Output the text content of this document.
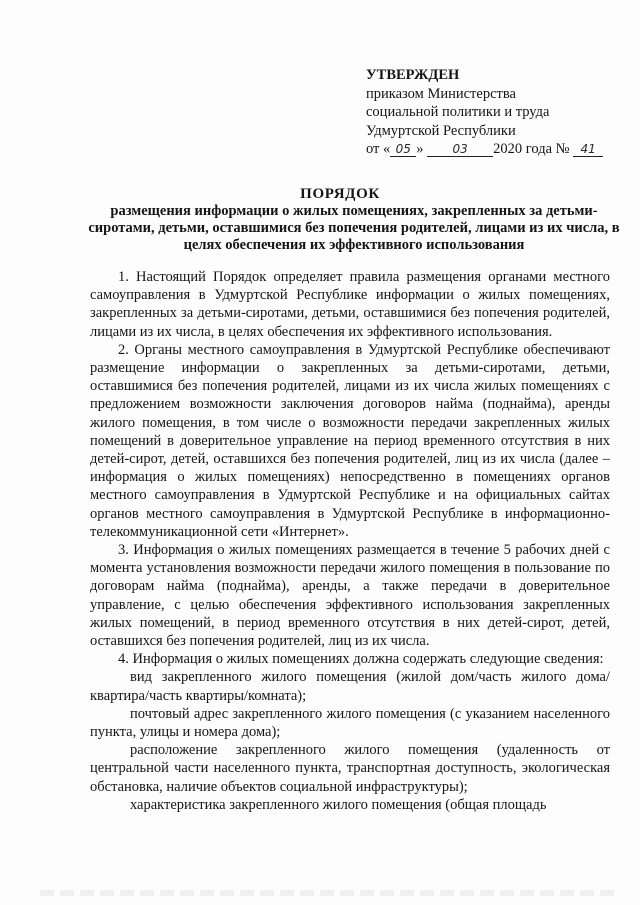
УТВЕРЖДЕН
приказом Министерства
социальной политики и труда
Удмуртской Республики
от « 05 » 03 2020 года № 41
ПОРЯДОК
размещения информации о жилых помещениях, закрепленных за детьми-сиротами, детьми, оставшимися без попечения родителей, лицами из их числа, в целях обеспечения их эффективного использования

1. Настоящий Порядок определяет правила размещения органами местного самоуправления в Удмуртской Республике информации о жилых помещениях, закрепленных за детьми-сиротами, детьми, оставшимися без попечения родителей, лицами из их числа, в целях обеспечения их эффективного использования.

2. Органы местного самоуправления в Удмуртской Республике обеспечивают размещение информации о закрепленных за детьми-сиротами, детьми, оставшимися без попечения родителей, лицами из их числа жилых помещениях с предложением возможности заключения договоров найма (поднайма), аренды жилого помещения, в том числе о возможности передачи закрепленных жилых помещений в доверительное управление на период временного отсутствия в них детей-сирот, детей, оставшихся без попечения родителей, лиц из их числа (далее – информация о жилых помещениях) непосредственно в помещениях органов местного самоуправления в Удмуртской Республике и на официальных сайтах органов местного самоуправления в Удмуртской Республике в информационно-телекоммуникационной сети «Интернет».

3. Информация о жилых помещениях размещается в течение 5 рабочих дней с момента установления возможности передачи жилого помещения в пользование по договорам найма (поднайма), аренды, а также передачи в доверительное управление, с целью обеспечения эффективного использования закрепленных жилых помещений, в период временного отсутствия в них детей-сирот, детей, оставшихся без попечения родителей, лиц из их числа.

4. Информация о жилых помещениях должна содержать следующие сведения:

вид закрепленного жилого помещения (жилой дом/часть жилого дома/ квартира/часть квартиры/комната);

почтовый адрес закрепленного жилого помещения (с указанием населенного пункта, улицы и номера дома);

расположение закрепленного жилого помещения (удаленность от центральной части населенного пункта, транспортная доступность, экологическая обстановка, наличие объектов социальной инфраструктуры);

характеристика закрепленного жилого помещения (общая площадь
